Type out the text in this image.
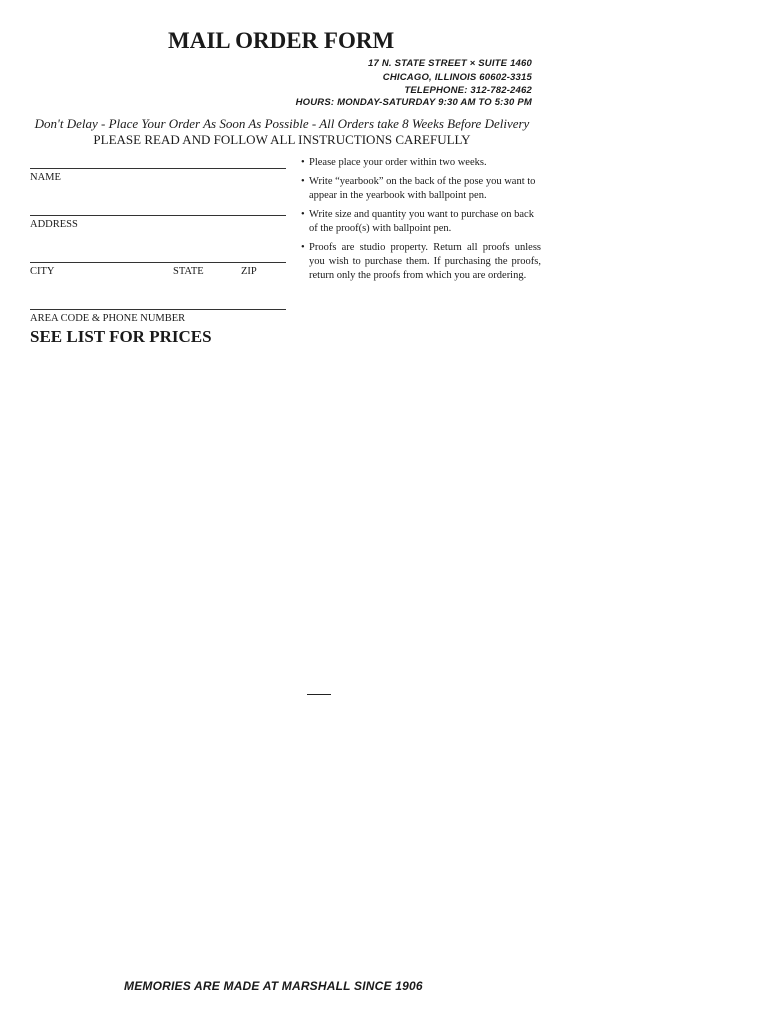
MAIL ORDER FORM
17 N. STATE STREET × SUITE 1460
CHICAGO, ILLINOIS 60602-3315
TELEPHONE: 312-782-2462
HOURS: MONDAY-SATURDAY 9:30 AM TO 5:30 PM
Don't Delay - Place Your Order As Soon As Possible - All Orders take 8 Weeks Before Delivery
PLEASE READ AND FOLLOW ALL INSTRUCTIONS CAREFULLY
NAME
ADDRESS
CITY	STATE	ZIP
AREA CODE & PHONE NUMBER
SEE LIST FOR PRICES
• Please place your order within two weeks.
• Write “yearbook” on the back of the pose you want to appear in the yearbook with ballpoint pen.
• Write size and quantity you want to purchase on back of the proof(s) with ballpoint pen.
• Proofs are studio property. Return all proofs unless you wish to purchase them. If purchasing the proofs, return only the proofs from which you are ordering.
MEMORIES ARE MADE AT MARSHALL SINCE 1906
